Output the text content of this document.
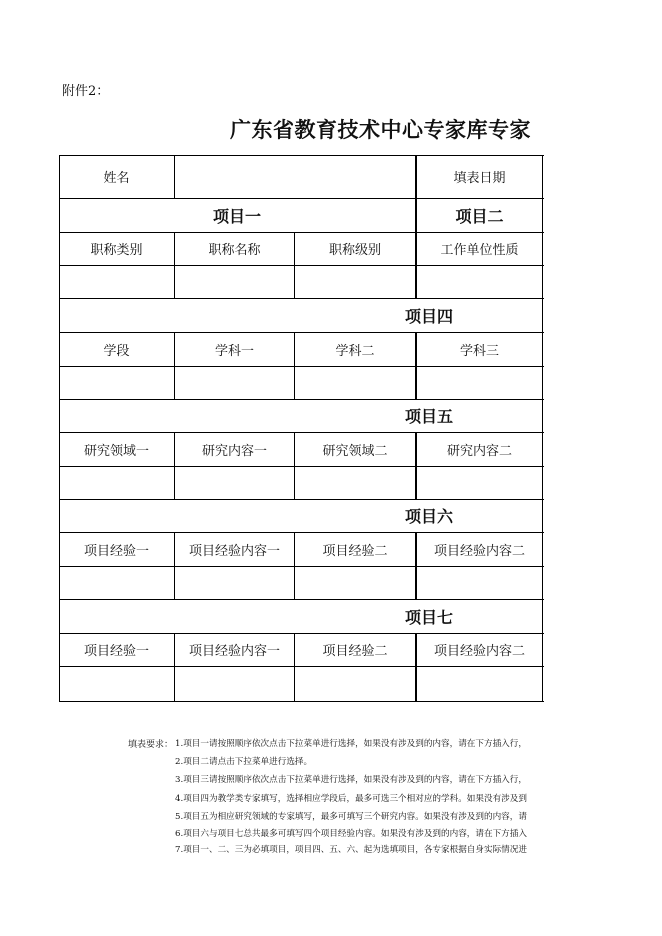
附件2：
广东省教育技术中心专家库专家
姓名	填表日期
项目一	项目二
职称类别	职称名称	职称级别	工作单位性质
项目四
学段	学科一	学科二	学科三
项目五
研究领域一	研究内容一	研究领域二	研究内容二
项目六
项目经验一	项目经验内容一	项目经验二	项目经验内容二
项目七
项目经验一	项目经验内容一	项目经验二	项目经验内容二
填表要求： 1.项目一请按照顺序依次点击下拉菜单进行选择，如果没有涉及到的内容，请在下方插入行，
2.项目二请点击下拉菜单进行选择。
3.项目三请按照顺序依次点击下拉菜单进行选择，如果没有涉及到的内容，请在下方插入行，
4.项目四为教学类专家填写，选择相应学段后，最多可选三个相对应的学科。如果没有涉及到
5.项目五为相应研究领域的专家填写，最多可填写三个研究内容。如果没有涉及到的内容，请
6.项目六与项目七总共最多可填写四个项目经验内容。如果没有涉及到的内容，请在下方插入
7.项目一、二、三为必填项目，项目四、五、六、起为选填项目，各专家根据自身实际情况进
